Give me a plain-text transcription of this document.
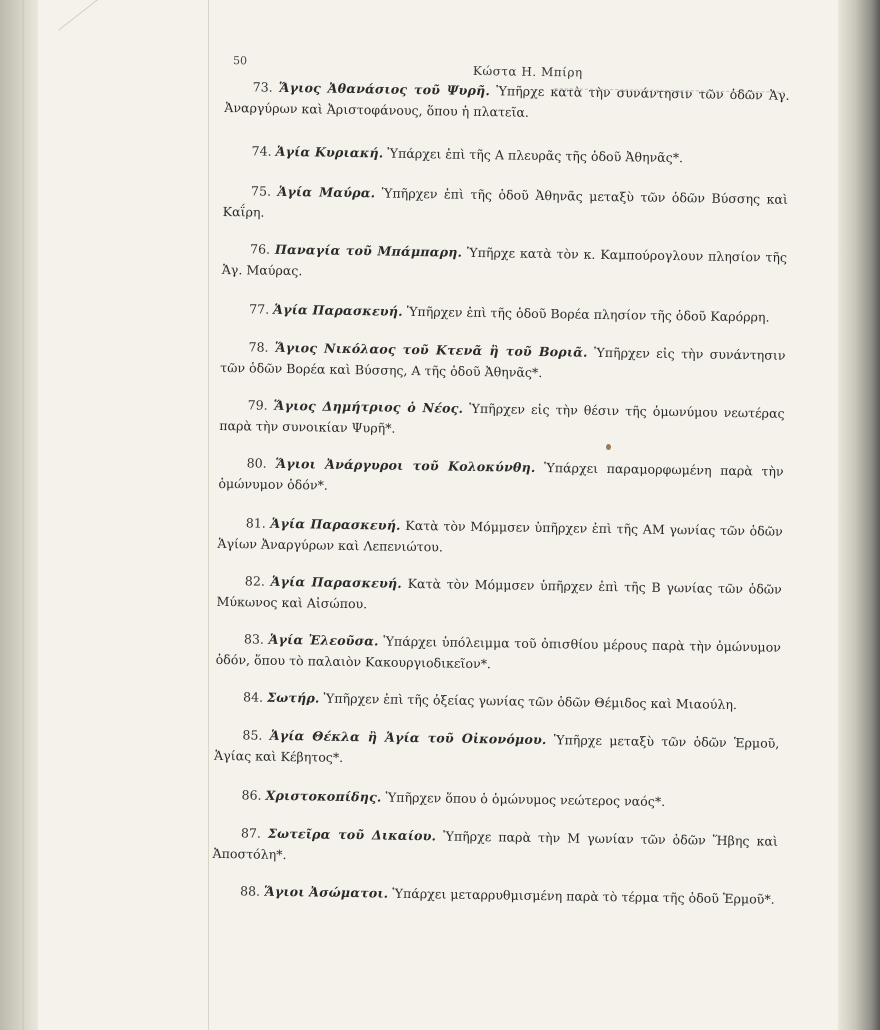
50
Κώστα Η. Μπίρη

73. Ἅγιος Ἀθανάσιος τοῦ Ψυρῆ. Ὑπῆρχε κατὰ τὴν συνάντησιν τῶν ὁδῶν Ἁγ. Ἀναργύρων καὶ Ἀριστοφάνους, ὅπου ἡ πλατεῖα.

74. Ἁγία Κυριακή. Ὑπάρχει ἐπὶ τῆς Α πλευρᾶς τῆς ὁδοῦ Ἀθηνᾶς*.

75. Ἁγία Μαύρα. Ὑπῆρχεν ἐπὶ τῆς ὁδοῦ Ἀθηνᾶς μεταξὺ τῶν ὁδῶν Βύσσης καὶ Καΐρη.

76. Παναγία τοῦ Μπάμπαρη. Ὑπῆρχε κατὰ τὸν κ. Καμπούρογλουν πλησίον τῆς Ἁγ. Μαύρας.

77. Ἁγία Παρασκευή. Ὑπῆρχεν ἐπὶ τῆς ὁδοῦ Βορέα πλησίον τῆς ὁδοῦ Καρόρρη.

78. Ἅγιος Νικόλαος τοῦ Κτενᾶ ἢ τοῦ Βοριᾶ. Ὑπῆρχεν εἰς τὴν συνάντησιν τῶν ὁδῶν Βορέα καὶ Βύσσης, Α τῆς ὁδοῦ Ἀθηνᾶς*.

79. Ἅγιος Δημήτριος ὁ Νέος. Ὑπῆρχεν εἰς τὴν θέσιν τῆς ὁμωνύμου νεωτέρας παρὰ τὴν συνοικίαν Ψυρῆ*.

80. Ἅγιοι Ἀνάργυροι τοῦ Κολοκύνθη. Ὑπάρχει παραμορφωμένη παρὰ τὴν ὁμώνυμον ὁδόν*.

81. Ἁγία Παρασκευή. Κατὰ τὸν Μόμμσεν ὑπῆρχεν ἐπὶ τῆς ΑΜ γωνίας τῶν ὁδῶν Ἁγίων Ἀναργύρων καὶ Λεπενιώτου.

82. Ἁγία Παρασκευή. Κατὰ τὸν Μόμμσεν ὑπῆρχεν ἐπὶ τῆς Β γωνίας τῶν ὁδῶν Μύκωνος καὶ Αἰσώπου.

83. Ἁγία Ἐλεοῦσα. Ὑπάρχει ὑπόλειμμα τοῦ ὀπισθίου μέρους παρὰ τὴν ὁμώνυμον ὁδόν, ὅπου τὸ παλαιὸν Κακουργιοδικεῖον*.

84. Σωτήρ. Ὑπῆρχεν ἐπὶ τῆς ὀξείας γωνίας τῶν ὁδῶν Θέμιδος καὶ Μιαούλη.

85. Ἁγία Θέκλα ἢ Ἁγία τοῦ Οἰκονόμου. Ὑπῆρχε μεταξὺ τῶν ὁδῶν Ἑρμοῦ, Ἁγίας καὶ Κέβητος*.

86. Χριστοκοπίδης. Ὑπῆρχεν ὅπου ὁ ὁμώνυμος νεώτερος ναός*.

87. Σωτεῖρα τοῦ Δικαίου. Ὑπῆρχε παρὰ τὴν Μ γωνίαν τῶν ὁδῶν Ἥβης καὶ Ἀποστόλη*.

88. Ἅγιοι Ἀσώματοι. Ὑπάρχει μεταρρυθμισμένη παρὰ τὸ τέρμα τῆς ὁδοῦ Ἑρμοῦ*.
